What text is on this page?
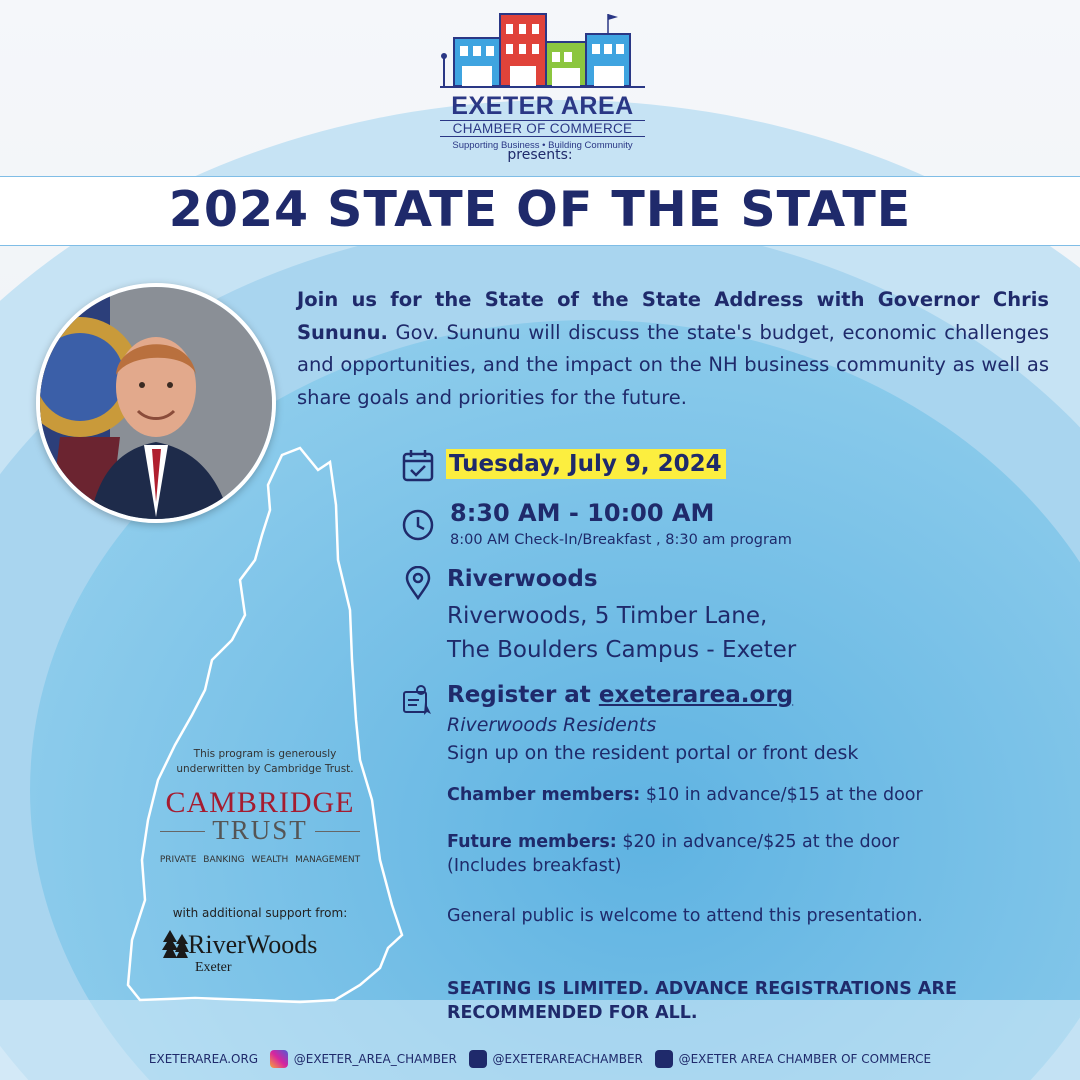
EXETER AREA
CHAMBER OF COMMERCE
Supporting Business • Building Community
presents:
2024 STATE OF THE STATE
Join us for the State of the State Address with Governor Chris Sununu. Gov. Sununu will discuss the state's budget, economic challenges and opportunities, and the impact on the NH business community as well as share goals and priorities for the future.
Tuesday, July 9, 2024
8:30 AM - 10:00 AM
8:00 AM Check-In/Breakfast , 8:30 am program
Riverwoods
Riverwoods, 5 Timber Lane,
The Boulders Campus - Exeter
Register at exeterarea.org
Riverwoods Residents
Sign up on the resident portal or front desk
Chamber members: $10 in advance/$15 at the door
Future members: $20 in advance/$25 at the door
(Includes breakfast)
General public is welcome to attend this presentation.
SEATING IS LIMITED. ADVANCE REGISTRATIONS ARE RECOMMENDED FOR ALL.
This program is generously
underwritten by Cambridge Trust.
CAMBRIDGE
TRUST
PRIVATE BANKING WEALTH MANAGEMENT
with additional support from:
RiverWoods
Exeter
EXETERAREA.ORG	@EXETER_AREA_CHAMBER	@EXETERAREACHAMBER	@EXETER AREA CHAMBER OF COMMERCE
